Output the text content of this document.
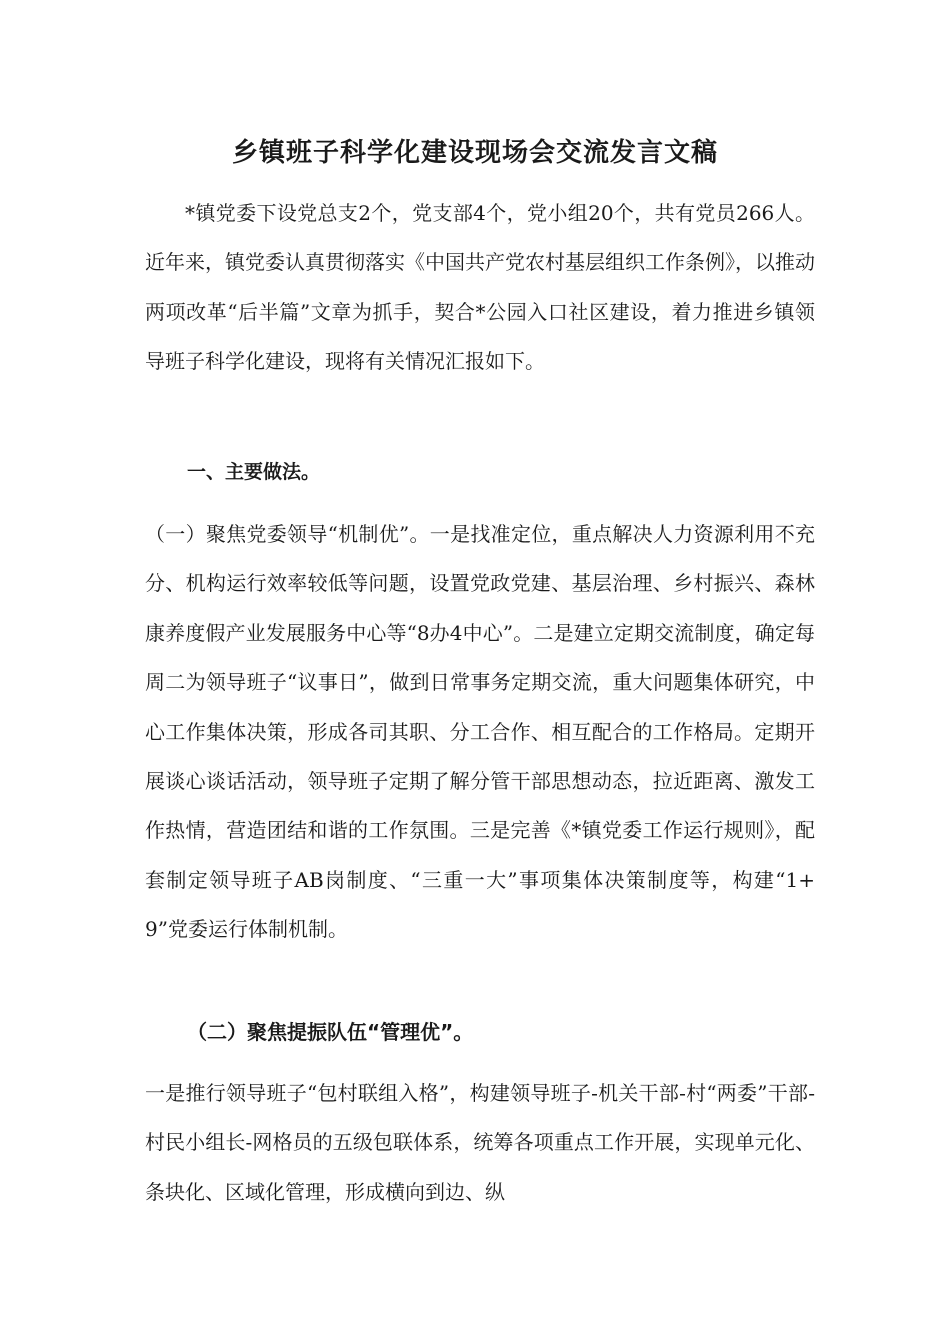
乡镇班子科学化建设现场会交流发言文稿

*镇党委下设党总支2个，党支部4个，党小组20个，共有党员266人。近年来，镇党委认真贯彻落实《中国共产党农村基层组织工作条例》，以推动两项改革“后半篇”文章为抓手，契合*公园入口社区建设，着力推进乡镇领导班子科学化建设，现将有关情况汇报如下。

一、主要做法。

（一）聚焦党委领导“机制优”。一是找准定位，重点解决人力资源利用不充分、机构运行效率较低等问题，设置党政党建、基层治理、乡村振兴、森林康养度假产业发展服务中心等“8办4中心”。二是建立定期交流制度，确定每周二为领导班子“议事日”，做到日常事务定期交流，重大问题集体研究，中心工作集体决策，形成各司其职、分工合作、相互配合的工作格局。定期开展谈心谈话活动，领导班子定期了解分管干部思想动态，拉近距离、激发工作热情，营造团结和谐的工作氛围。三是完善《*镇党委工作运行规则》，配套制定领导班子AB岗制度、“三重一大”事项集体决策制度等，构建“1+9”党委运行体制机制。

（二）聚焦提振队伍“管理优”。

一是推行领导班子“包村联组入格”，构建领导班子-机关干部-村“两委”干部-村民小组长-网格员的五级包联体系，统筹各项重点工作开展，实现单元化、条块化、区域化管理，形成横向到边、纵
